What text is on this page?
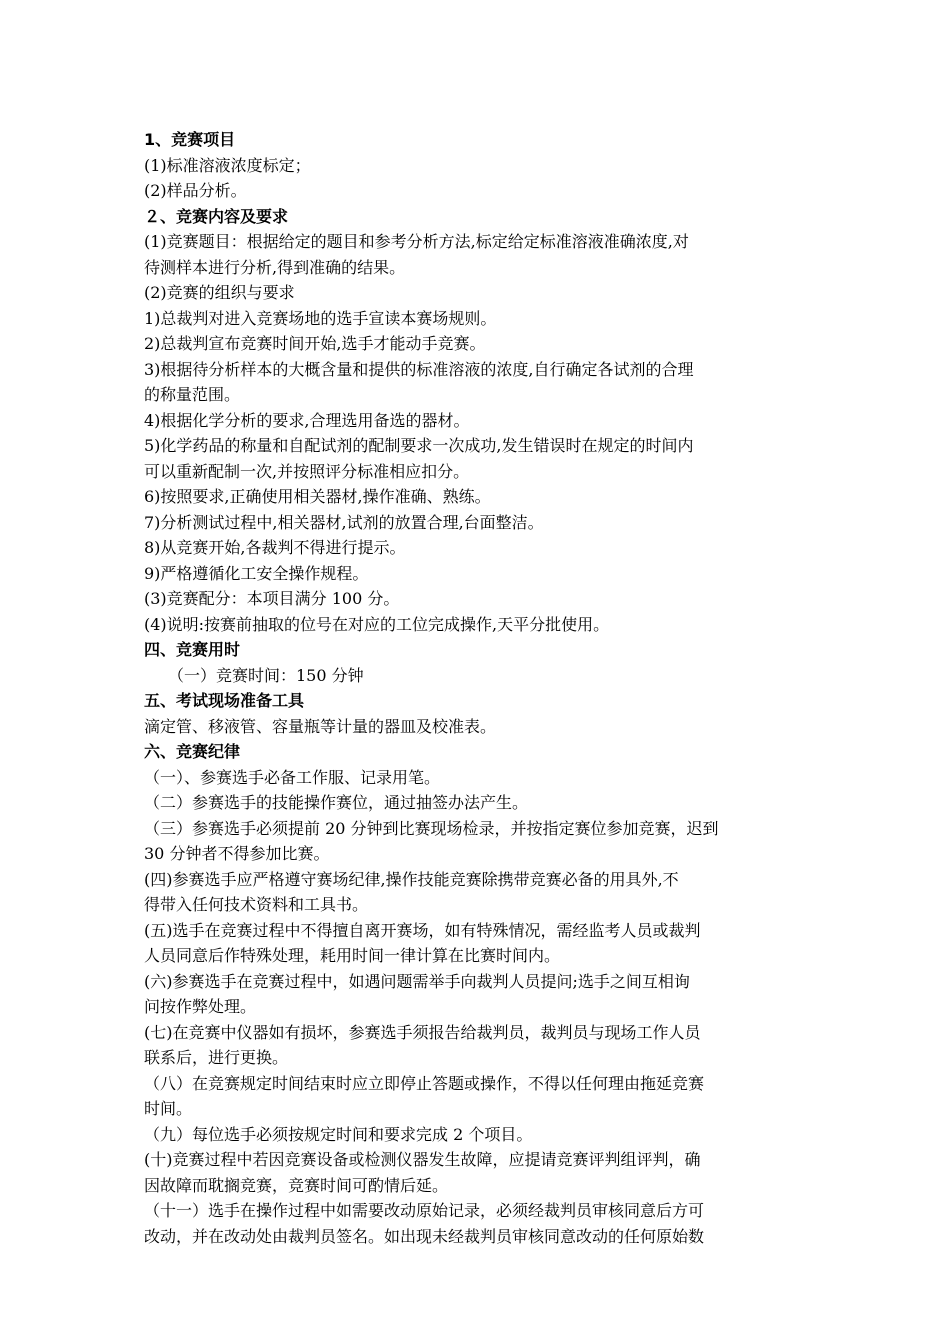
1、竞赛项目

(1)标准溶液浓度标定；

(2)样品分析。

２、竞赛内容及要求

(1)竞赛题目：根据给定的题目和参考分析方法,标定给定标准溶液准确浓度,对

待测样本进行分析,得到准确的结果。

(2)竞赛的组织与要求

1)总裁判对进入竞赛场地的选手宣读本赛场规则。

2)总裁判宣布竞赛时间开始,选手才能动手竞赛。

3)根据待分析样本的大概含量和提供的标准溶液的浓度,自行确定各试剂的合理

的称量范围。

4)根据化学分析的要求,合理选用备选的器材。

5)化学药品的称量和自配试剂的配制要求一次成功,发生错误时在规定的时间内

可以重新配制一次,并按照评分标准相应扣分。

6)按照要求,正确使用相关器材,操作准确、熟练。

7)分析测试过程中,相关器材,试剂的放置合理,台面整洁。

8)从竞赛开始,各裁判不得进行提示。

9)严格遵循化工安全操作规程。

(3)竞赛配分：本项目满分 100 分。

(4)说明:按赛前抽取的位号在对应的工位完成操作,天平分批使用。

四、竞赛用时

（一）竞赛时间：150 分钟

五、考试现场准备工具

滴定管、移液管、容量瓶等计量的器皿及校准表。

六、竞赛纪律

（一）、参赛选手必备工作服、记录用笔。

（二）参赛选手的技能操作赛位，通过抽签办法产生。

（三）参赛选手必须提前 20 分钟到比赛现场检录，并按指定赛位参加竞赛，迟到

30 分钟者不得参加比赛。

(四)参赛选手应严格遵守赛场纪律,操作技能竞赛除携带竞赛必备的用具外,不

得带入任何技术资料和工具书。

(五)选手在竞赛过程中不得擅自离开赛场，如有特殊情况，需经监考人员或裁判

人员同意后作特殊处理，耗用时间一律计算在比赛时间内。

(六)参赛选手在竞赛过程中，如遇问题需举手向裁判人员提问;选手之间互相询

问按作弊处理。

(七)在竞赛中仪器如有损坏，参赛选手须报告给裁判员，裁判员与现场工作人员

联系后，进行更换。

（八）在竞赛规定时间结束时应立即停止答题或操作，不得以任何理由拖延竞赛

时间。

（九）每位选手必须按规定时间和要求完成 2 个项目。

(十)竞赛过程中若因竞赛设备或检测仪器发生故障，应提请竞赛评判组评判，确

因故障而耽搁竞赛，竞赛时间可酌情后延。

（十一）选手在操作过程中如需要改动原始记录，必须经裁判员审核同意后方可

改动，并在改动处由裁判员签名。如出现未经裁判员审核同意改动的任何原始数
